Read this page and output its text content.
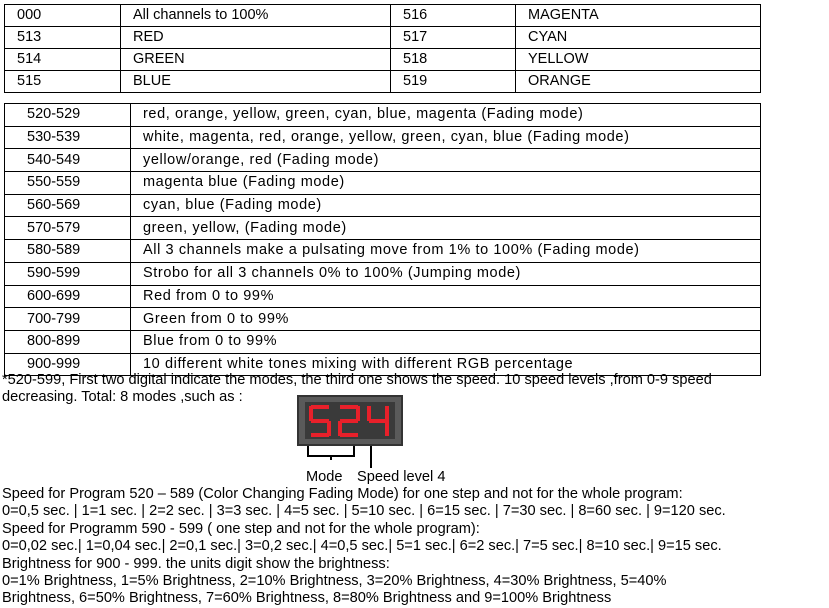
000	All channels to 100%	516	MAGENTA
513	RED	517	CYAN
514	GREEN	518	YELLOW
515	BLUE	519	ORANGE
520-529	red, orange, yellow, green, cyan, blue, magenta (Fading mode)
530-539	white, magenta, red, orange, yellow, green, cyan, blue (Fading mode)
540-549	yellow/orange, red (Fading mode)
550-559	magenta blue (Fading mode)
560-569	cyan, blue (Fading mode)
570-579	green, yellow, (Fading mode)
580-589	All 3 channels make a pulsating move from 1% to 100% (Fading mode)
590-599	Strobo for all 3 channels 0% to 100% (Jumping mode)
600-699	Red from 0 to 99%
700-799	Green from 0 to 99%
800-899	Blue from 0 to 99%
900-999	10 different white tones mixing with different RGB percentage
*520-599, First two digital indicate the modes, the third one shows the speed. 10 speed levels ,from 0-9 speed
decreasing. Total: 8 modes ,such as :
Mode Speed level 4
Speed for Program 520 – 589 (Color Changing Fading Mode) for one step and not for the whole program:
0=0,5 sec. | 1=1 sec. | 2=2 sec. | 3=3 sec. | 4=5 sec. | 5=10 sec. | 6=15 sec. | 7=30 sec. | 8=60 sec. | 9=120 sec.
Speed for Programm 590 - 599 ( one step and not for the whole program):
0=0,02 sec.| 1=0,04 sec.| 2=0,1 sec.| 3=0,2 sec.| 4=0,5 sec.| 5=1 sec.| 6=2 sec.| 7=5 sec.| 8=10 sec.| 9=15 sec.
Brightness for 900 - 999. the units digit show the brightness:
0=1% Brightness, 1=5% Brightness, 2=10% Brightness, 3=20% Brightness, 4=30% Brightness, 5=40%
Brightness, 6=50% Brightness, 7=60% Brightness, 8=80% Brightness and 9=100% Brightness
